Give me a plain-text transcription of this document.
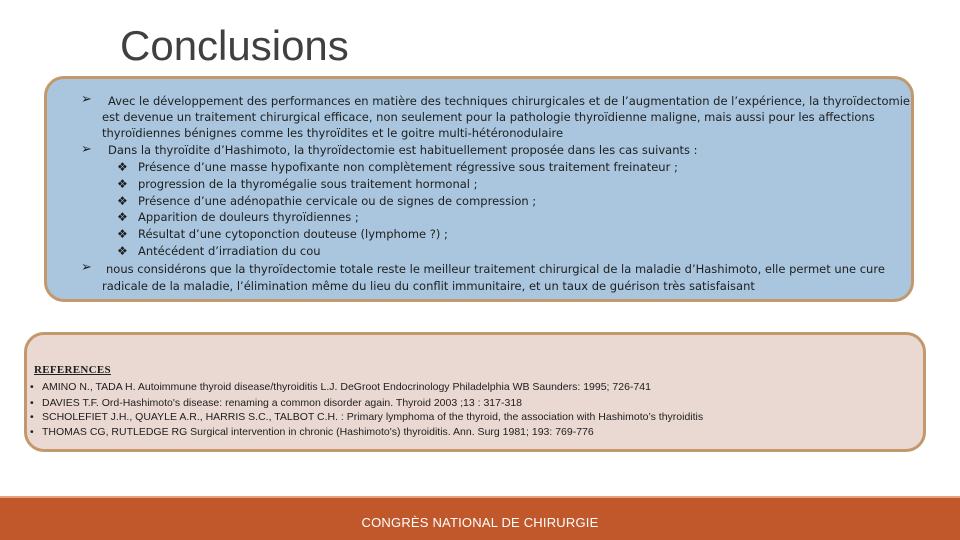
Conclusions
➢ Avec le développement des performances en matière des techniques chirurgicales et de l’augmentation de l’expérience, la thyroïdectomie
est devenue un traitement chirurgical efficace, non seulement pour la pathologie thyroïdienne maligne, mais aussi pour les affections
thyroïdiennes bénignes comme les thyroïdites et le goitre multi-hétéronodulaire
➢ Dans la thyroïdite d’Hashimoto, la thyroïdectomie est habituellement proposée dans les cas suivants :
❖ Présence d’une masse hypofixante non complètement régressive sous traitement freinateur ;
❖ progression de la thyromégalie sous traitement hormonal ;
❖ Présence d’une adénopathie cervicale ou de signes de compression ;
❖ Apparition de douleurs thyroïdiennes ;
❖ Résultat d’une cytoponction douteuse (lymphome ?) ;
❖ Antécédent d’irradiation du cou
➢ nous considérons que la thyroïdectomie totale reste le meilleur traitement chirurgical de la maladie d’Hashimoto, elle permet une cure
radicale de la maladie, l’élimination même du lieu du conflit immunitaire, et un taux de guérison très satisfaisant
REFERENCES
• AMINO N., TADA H. Autoimmune thyroid disease/thyroiditis L.J. DeGroot Endocrinology Philadelphia WB Saunders: 1995; 726-741
• DAVIES T.F. Ord-Hashimoto's disease: renaming a common disorder again. Thyroid 2003 ;13 : 317-318
• SCHOLEFIET J.H., QUAYLE A.R., HARRIS S.C., TALBOT C.H. : Primary lymphoma of the thyroid, the association with Hashimoto’s thyroiditis
• THOMAS CG, RUTLEDGE RG Surgical intervention in chronic (Hashimoto's) thyroiditis. Ann. Surg 1981; 193: 769-776
CONGRÈS NATIONAL DE CHIRURGIE
